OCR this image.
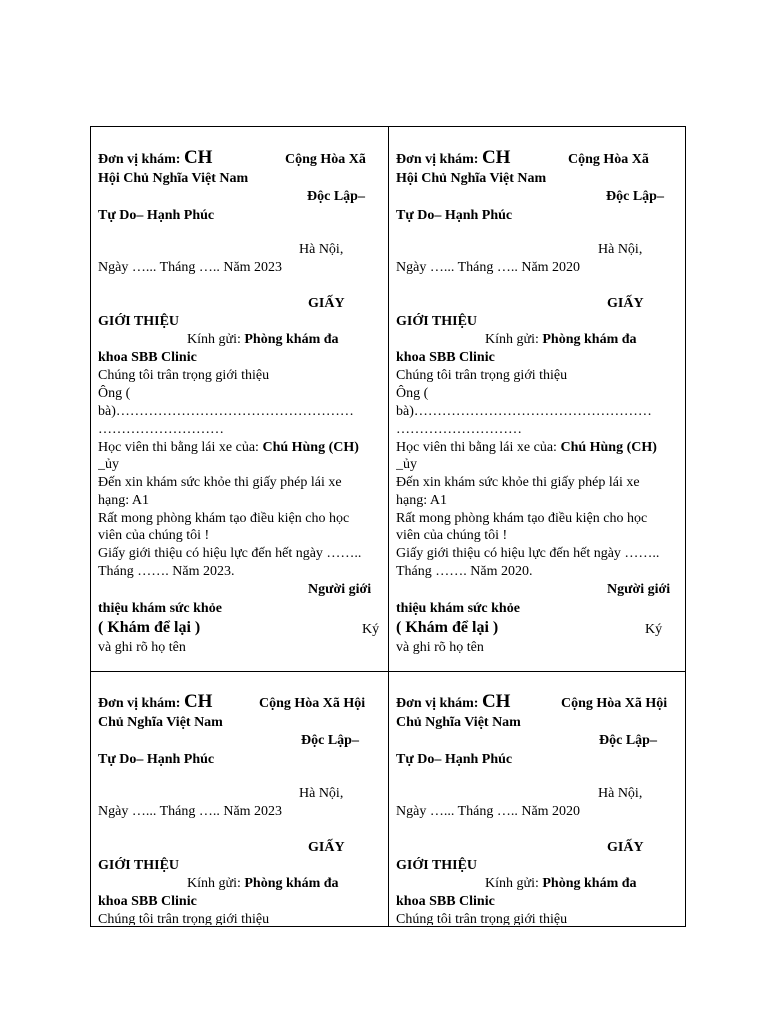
Đơn vị khám: CH	Cộng Hòa Xã
Hội Chủ Nghĩa Việt Nam
Độc Lập–
Tự Do– Hạnh Phúc
Hà Nội,
Ngày …... Tháng ….. Năm 2023
GIẤY
GIỚI THIỆU
Kính gửi: Phòng khám đa
khoa SBB Clinic
Chúng tôi trân trọng giới thiệu
Ông (
bà)……………………………………………
………………………
Học viên thi bằng lái xe của: Chú Hùng (CH)
_ủy
Đến xin khám sức khỏe thi giấy phép lái xe
hạng: A1
Rất mong phòng khám tạo điều kiện cho học
viên của chúng tôi !
Giấy giới thiệu có hiệu lực đến hết ngày ……..
Tháng ……. Năm 2023.
Người giới
thiệu khám sức khỏe
( Khám để lại )	Ký
và ghi rõ họ tên
Đơn vị khám: CH	Cộng Hòa Xã
Hội Chủ Nghĩa Việt Nam
Độc Lập–
Tự Do– Hạnh Phúc
Hà Nội,
Ngày …... Tháng ….. Năm 2020
GIẤY
GIỚI THIỆU
Kính gửi: Phòng khám đa
khoa SBB Clinic
Chúng tôi trân trọng giới thiệu
Ông (
bà)……………………………………………
………………………
Học viên thi bằng lái xe của: Chú Hùng (CH)
_ủy
Đến xin khám sức khỏe thi giấy phép lái xe
hạng: A1
Rất mong phòng khám tạo điều kiện cho học
viên của chúng tôi !
Giấy giới thiệu có hiệu lực đến hết ngày ……..
Tháng ……. Năm 2020.
Người giới
thiệu khám sức khỏe
( Khám để lại )	Ký
và ghi rõ họ tên
Đơn vị khám: CH	Cộng Hòa Xã Hội
Chủ Nghĩa Việt Nam
Độc Lập–
Tự Do– Hạnh Phúc
Hà Nội,
Ngày …... Tháng ….. Năm 2023
GIẤY
GIỚI THIỆU
Kính gửi: Phòng khám đa
khoa SBB Clinic
Chúng tôi trân trọng giới thiệu
Đơn vị khám: CH	Cộng Hòa Xã Hội
Chủ Nghĩa Việt Nam
Độc Lập–
Tự Do– Hạnh Phúc
Hà Nội,
Ngày …... Tháng ….. Năm 2020
GIẤY
GIỚI THIỆU
Kính gửi: Phòng khám đa
khoa SBB Clinic
Chúng tôi trân trọng giới thiệu
